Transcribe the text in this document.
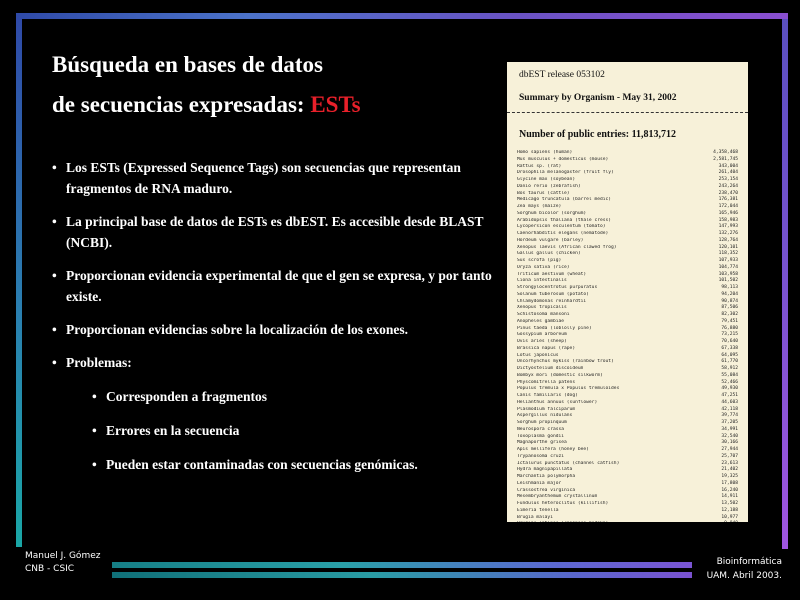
Búsqueda en bases de datos
de secuencias expresadas: ESTs
• Los ESTs (Expressed Sequence Tags) son secuencias que representan fragmentos de RNA maduro.
• La principal base de datos de ESTs es dbEST. Es accesible desde BLAST (NCBI).
• Proporcionan evidencia experimental de que el gen se expresa, y por tanto existe.
• Proporcionan evidencias sobre la localización de los exones.
• Problemas:
• Corresponden a fragmentos
• Errores en la secuencia
• Pueden estar contaminadas con secuencias genómicas.
dbEST release 053102
Summary by Organism - May 31, 2002
Number of public entries: 11,813,712
Homo sapiens (human)	4,358,468
Mus musculus + domesticus (mouse)	2,581,745
Rattus sp. (rat)	343,004
Drosophila melanogaster (fruit fly)	261,404
Glycine max (soybean)	253,154
Danio rerio (zebrafish)	243,264
Bos taurus (cattle)	238,470
Medicago truncatula (barrel medic)	176,381
Zea mays (maize)	172,044
Sorghum bicolor (sorghum)	165,946
Arabidopsis thaliana (thale cress)	158,983
Lycopersicon esculentum (tomato)	147,993
Caenorhabditis elegans (nematode)	132,276
Hordeum vulgare (barley)	128,764
Xenopus laevis (African clawed frog)	120,101
Gallus gallus (chicken)	118,352
Sus scrofa (pig)	107,933
Oryza sativa (rice)	104,774
Triticum aestivum (wheat)	103,958
Ciona intestinalis	101,502
Strongylocentrotus purpuratus	98,113
Solanum tuberosum (potato)	94,204
Chlamydomonas reinhardtii	90,874
Xenopus tropicalis	87,506
Schistosoma mansoni	82,302
Anopheles gambiae	79,451
Pinus taeda (loblolly pine)	76,880
Gossypium arboreum	73,215
Ovis aries (sheep)	70,640
Brassica napus (rape)	67,338
Lotus japonicus	64,095
Oncorhynchus mykiss (rainbow trout)	61,770
Dictyostelium discoideum	58,912
Bombyx mori (domestic silkworm)	55,084
Physcomitrella patens	52,466
Populus tremula x Populus tremuloides	49,930
Canis familiaris (dog)	47,251
Helianthus annuus (sunflower)	44,603
Plasmodium falciparum	42,118
Aspergillus nidulans	39,774
Sorghum propinquum	37,205
Neurospora crassa	34,991
Toxoplasma gondii	32,540
Magnaporthe grisea	30,166
Apis mellifera (honey bee)	27,944
Trypanosoma cruzi	25,707
Ictalurus punctatus (channel catfish)	23,613
Hydra magnipapillata	21,402
Marchantia polymorpha	19,325
Leishmania major	17,808
Crassostrea virginica	16,240
Mesembryanthemum crystallinum	14,911
Fundulus heteroclitus (killifish)	13,502
Eimeria tenella	12,188
Brugia malayi	10,977
Manuel J. Gómez
CNB - CSIC
Bioinformática
UAM. Abril 2003.
